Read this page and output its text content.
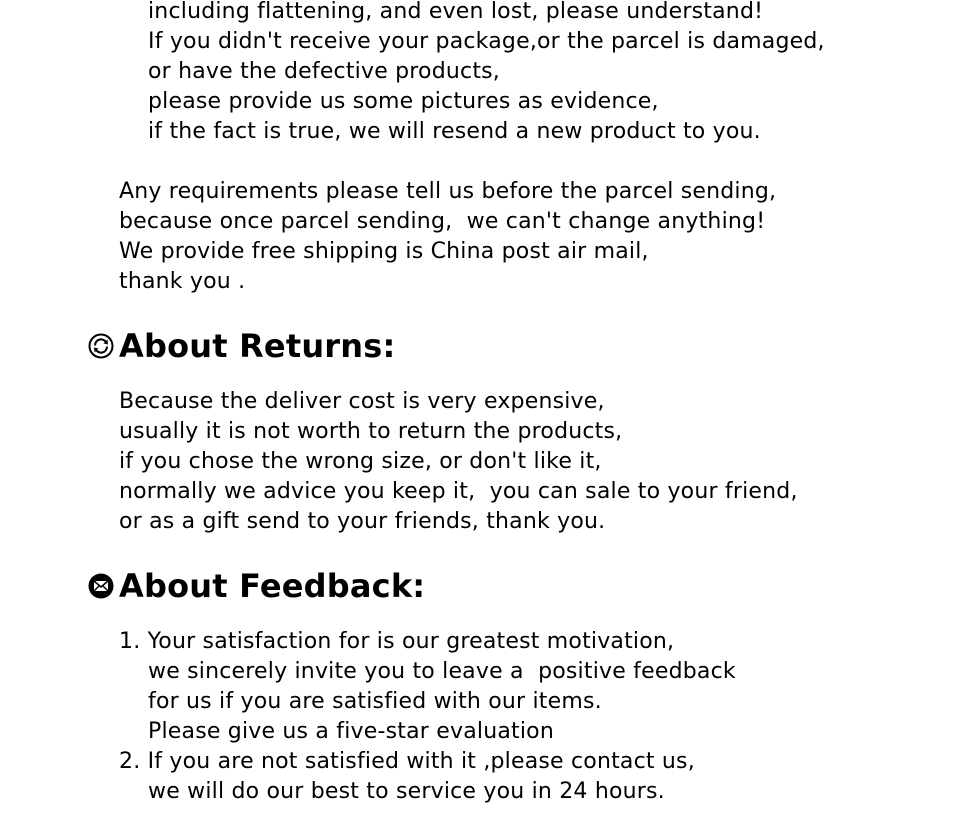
including flattening, and even lost, please understand!
If you didn't receive your package,or the parcel is damaged,
or have the defective products,
please provide us some pictures as evidence,
if the fact is true, we will resend a new product to you.
Any requirements please tell us before the parcel sending,
because once parcel sending,  we can't change anything!
We provide free shipping is China post air mail,
thank you .
About Returns:
Because the deliver cost is very expensive,
usually it is not worth to return the products,
if you chose the wrong size, or don't like it,
normally we advice you keep it,  you can sale to your friend,
or as a gift send to your friends, thank you.
About Feedback:
1. Your satisfaction for is our greatest motivation,
we sincerely invite you to leave a  positive feedback
for us if you are satisfied with our items.
Please give us a five-star evaluation
2. If you are not satisfied with it ,please contact us,
we will do our best to service you in 24 hours.
